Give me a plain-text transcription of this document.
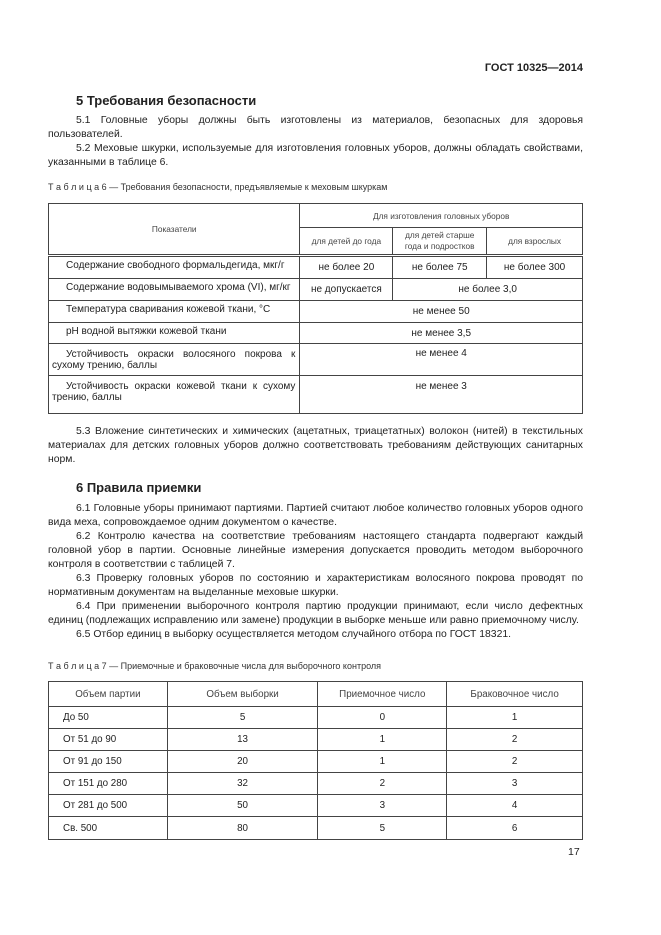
ГОСТ 10325—2014
5 Требования безопасности

5.1 Головные уборы должны быть изготовлены из материалов, безопасных для здоровья пользователей.

5.2 Меховые шкурки, используемые для изготовления головных уборов, должны обладать свойствами, указанными в таблице 6.

Т а б л и ц а 6 — Требования безопасности, предъявляемые к меховым шкуркам
Показатели	Для изготовления головных уборов		
	для детей до года	для детей старше года и подростков	для взрослых
Содержание свободного формальдегида, мкг/г	не более 20	не более 75	не более 300
Содержание водовымываемого хрома (VI), мг/кг	не допускается	не более 3,0	
Температура сваривания кожевой ткани, °С	не менее 50		
рН водной вытяжки кожевой ткани	не менее 3,5		
Устойчивость окраски волосяного покрова к сухому трению, баллы	не менее 4		
Устойчивость окраски кожевой ткани к сухому трению, баллы	не менее 3		

5.3 Вложение синтетических и химических (ацетатных, триацетатных) волокон (нитей) в текстильных материалах для детских головных уборов должно соответствовать требованиям действующих санитарных норм.

6 Правила приемки

6.1 Головные уборы принимают партиями. Партией считают любое количество головных уборов одного вида меха, сопровождаемое одним документом о качестве.

6.2 Контролю качества на соответствие требованиям настоящего стандарта подвергают каждый головной убор в партии. Основные линейные измерения допускается проводить методом выборочного контроля в соответствии с таблицей 7.

6.3 Проверку головных уборов по состоянию и характеристикам волосяного покрова проводят по нормативным документам на выделанные меховые шкурки.

6.4 При применении выборочного контроля партию продукции принимают, если число дефектных единиц (подлежащих исправлению или замене) продукции в выборке меньше или равно приемочному числу.

6.5 Отбор единиц в выборку осуществляется методом случайного отбора по ГОСТ 18321.

Т а б л и ц а 7 — Приемочные и браковочные числа для выборочного контроля
Объем партии	Объем выборки	Приемочное число	Браковочное число
До 50	5	0	1
От 51 до 90	13	1	2
От 91 до 150	20	1	2
От 151 до 280	32	2	3
От 281 до 500	50	3	4
Св. 500	80	5	6
17
